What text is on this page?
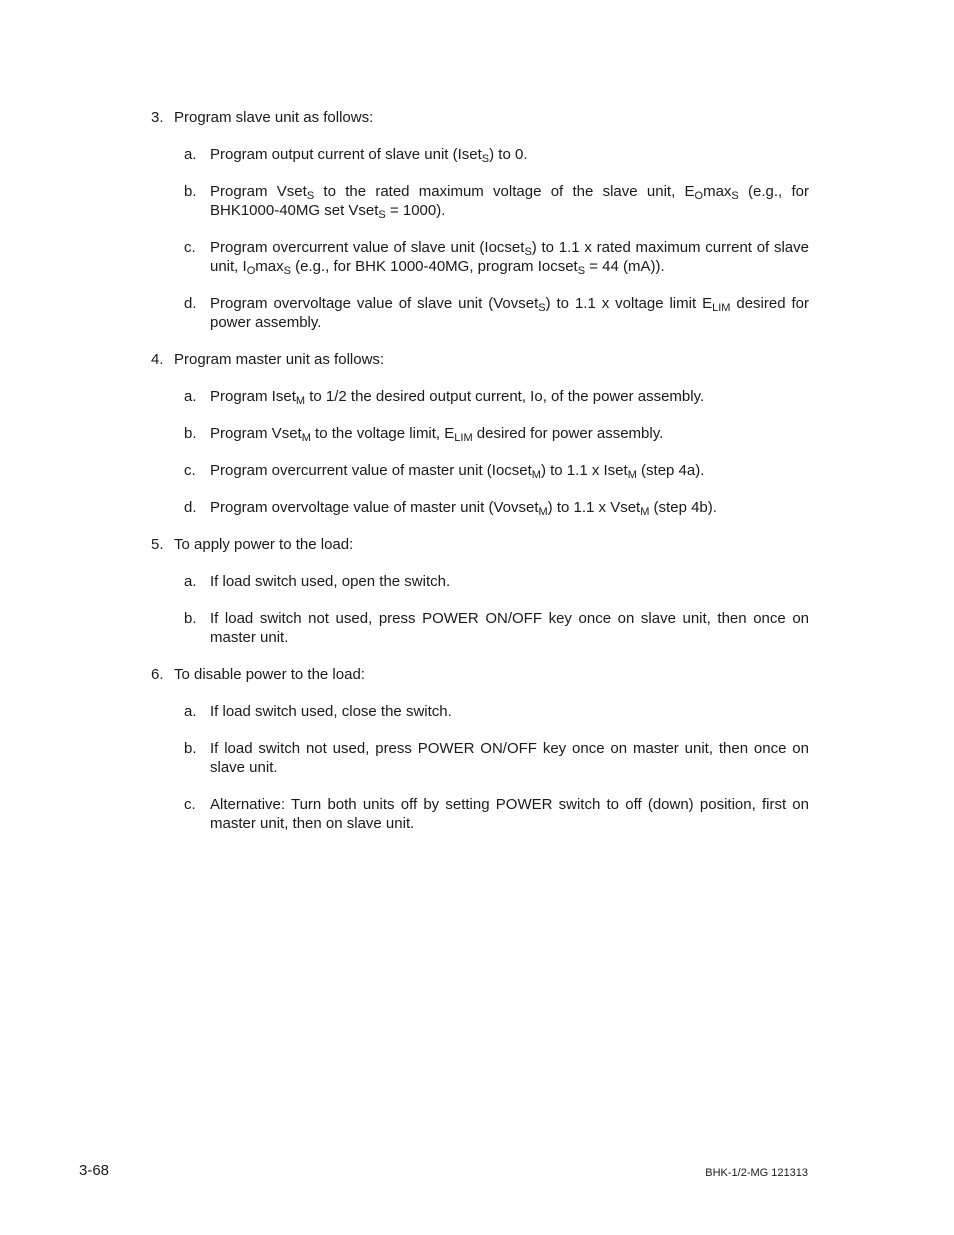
3. Program slave unit as follows:
a. Program output current of slave unit (Iset$_S$) to 0.
b. Program Vset$_S$ to the rated maximum voltage of the slave unit, $E_O\max_S$ (e.g., for BHK1000-40MG set Vset$_S$ = 1000).
c. Program overcurrent value of slave unit (Iocset$_S$) to 1.1 x rated maximum current of slave unit, $I_O\max_S$ (e.g., for BHK 1000-40MG, program Iocset$_S$ = 44 (mA)).
d. Program overvoltage value of slave unit (Vovset$_S$) to 1.1 x voltage limit $E_{LIM}$ desired for power assembly.
4. Program master unit as follows:
a. Program Iset$_M$ to 1/2 the desired output current, Io, of the power assembly.
b. Program Vset$_M$ to the voltage limit, $E_{LIM}$ desired for power assembly.
c. Program overcurrent value of master unit (Iocset$_M$) to 1.1 x Iset$_M$ (step 4a).
d. Program overvoltage value of master unit (Vovset$_M$) to 1.1 x Vset$_M$ (step 4b).
5. To apply power to the load:
a. If load switch used, open the switch.
b. If load switch not used, press POWER ON/OFF key once on slave unit, then once on master unit.
6. To disable power to the load:
a. If load switch used, close the switch.
b. If load switch not used, press POWER ON/OFF key once on master unit, then once on slave unit.
c. Alternative: Turn both units off by setting POWER switch to off (down) position, first on master unit, then on slave unit.
3-68	BHK-1/2-MG 121313
